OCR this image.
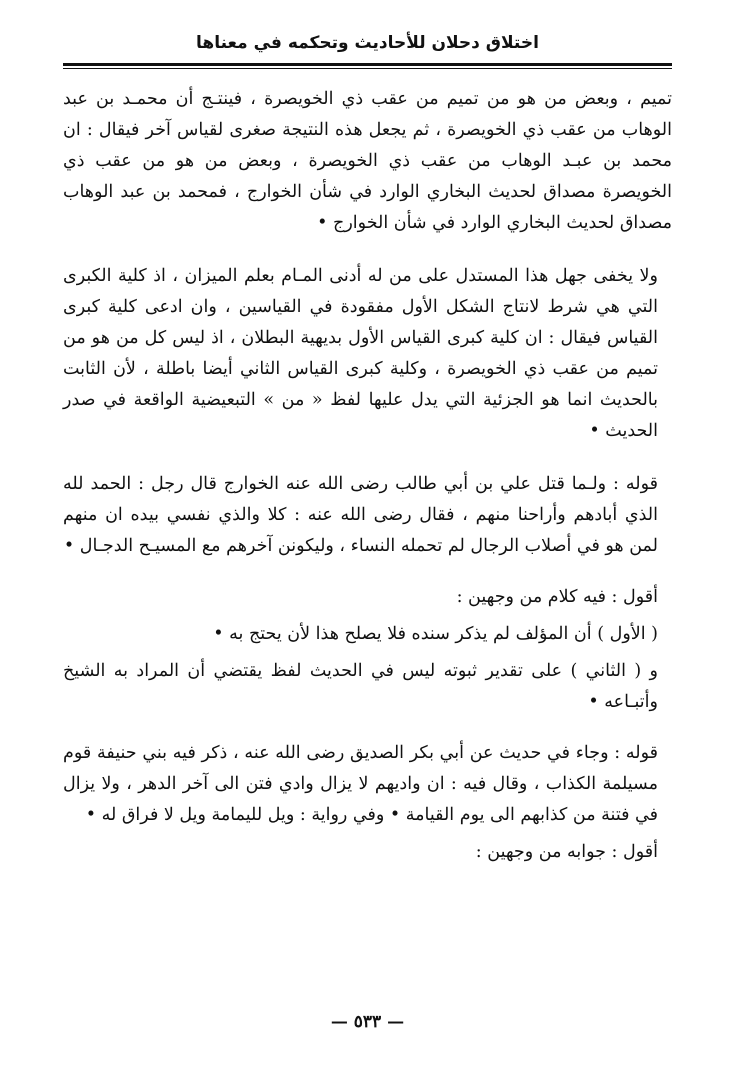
اختلاق دحلان للأحاديث وتحكمه في معناها

تميم ، وبعض من هو من تميم من عقب ذي الخويصرة ، فينتـج أن محمـد بن عبد الوهاب من عقب ذي الخويصرة ، ثم يجعل هذه النتيجة صغرى لقياس آخر فيقال : ان محمد بن عبـد الوهاب من عقب ذي الخويصرة ، وبعض من هو من عقب ذي الخويصرة مصداق لحديث البخاري الوارد في شأن الخوارج ، فمحمد بن عبد الوهاب مصداق لحديث البخاري الوارد في شأن الخوارج •

ولا يخفى جهل هذا المستدل على من له أدنى المـام بعلم الميزان ، اذ كلية الكبرى التي هي شرط لانتاج الشكل الأول مفقودة في القياسين ، وان ادعى كلية كبرى القياس فيقال : ان كلية كبرى القياس الأول بديهية البطلان ، اذ ليس كل من هو من تميم من عقب ذي الخويصرة ، وكلية كبرى القياس الثاني أيضا باطلة ، لأن الثابت بالحديث انما هو الجزئية التي يدل عليها لفظ « من » التبعيضية الواقعة في صدر الحديث •

قوله : ولـما قتل علي بن أبي طالب رضى الله عنه الخوارج قال رجل : الحمد لله الذي أبادهم وأراحنا منهم ، فقال رضى الله عنه : كلا والذي نفسي بيده ان منهم لمن هو في أصلاب الرجال لم تحمله النساء ، وليكونن آخرهم مع المسيـح الدجـال •

أقول : فيه كلام من وجهين :

( الأول ) أن المؤلف لم يذكر سنده فلا يصلح هذا لأن يحتج به •

و ( الثاني ) على تقدير ثبوته ليس في الحديث لفظ يقتضي أن المراد به الشيخ وأتبـاعه •

قوله : وجاء في حديث عن أبي بكر الصديق رضى الله عنه ، ذكر فيه بني حنيفة قوم مسيلمة الكذاب ، وقال فيه : ان واديهم لا يزال وادي فتن الى آخر الدهر ، ولا يزال في فتنة من كذابهم الى يوم القيامة • وفي رواية : ويل لليمامة ويل لا فراق له •

أقول : جوابه من وجهين :

— ٥٣٣ —
